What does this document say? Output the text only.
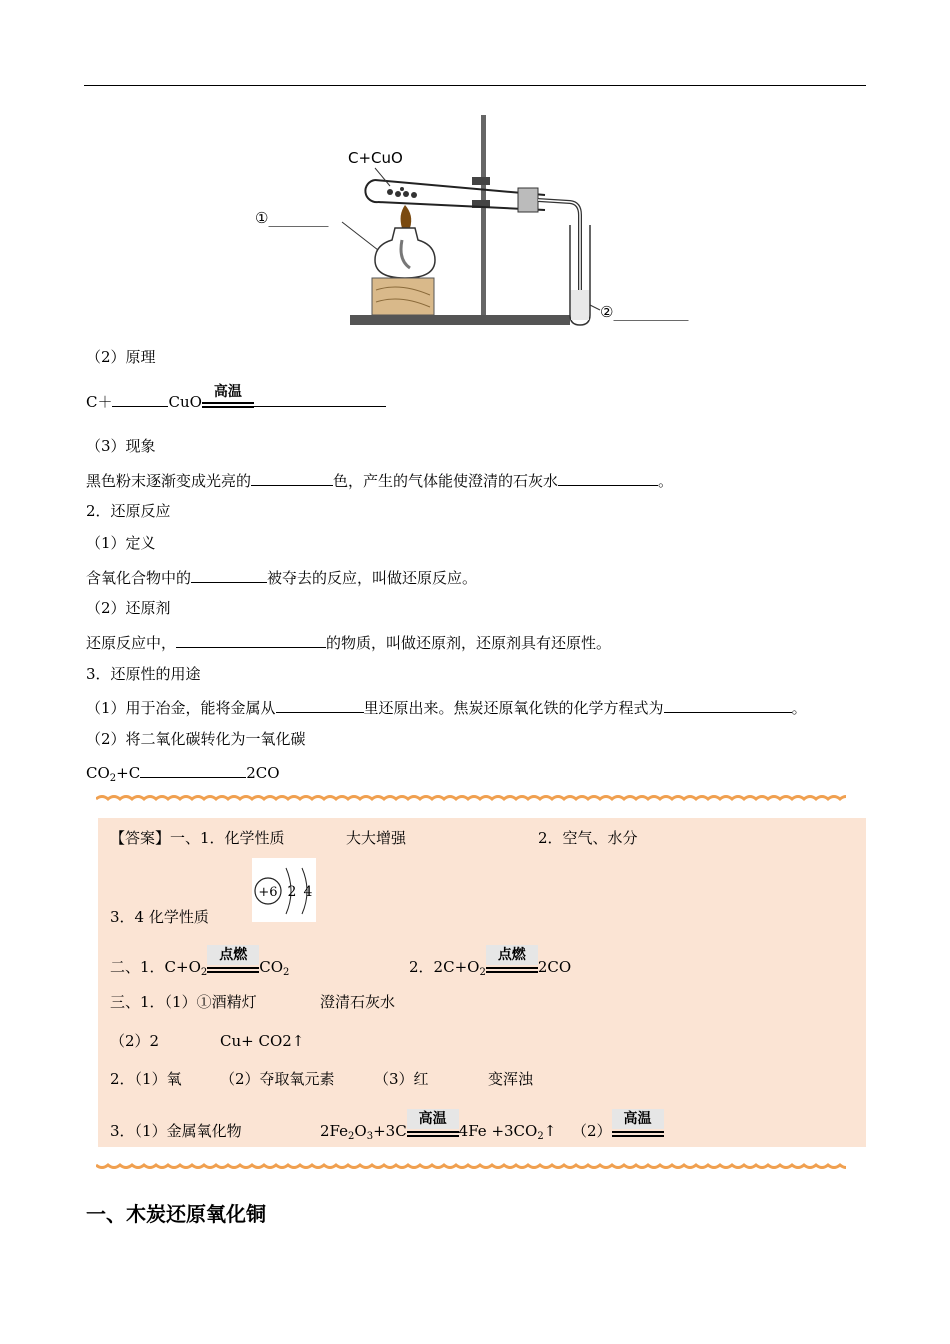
C+CuO
①________
②__________
（2）原理
C＋	CuO
高温
（3）现象
黑色粉末逐渐变成光亮的	色，产生的气体能使澄清的石灰水	。
2．还原反应
（1）定义
含氧化合物中的	被夺去的反应，叫做还原反应。
（2）还原剂
还原反应中，	的物质，叫做还原剂，还原剂具有还原性。
3．还原性的用途
（1）用于冶金，能将金属从	里还原出来。焦炭还原氧化铁的化学方程式为	。
（2）将二氧化碳转化为一氧化碳
$CO_2+C$	2CO
【答案】一、1．化学性质	大大增强	2．空气、水分
3．4 化学性质
+6 2 4
二、1．$C+O_2$
点燃
$CO_2$	2．$2C+O_2$
点燃
2CO
三、1．（1）①酒精灯	澄清石灰水
（2）2	Cu+ CO2↑
2．（1）氧	（2）夺取氧元素	（3）红	变浑浊
3．（1）金属氧化物	$2Fe_2O_3+3C$
高温
$4Fe +3CO_2↑$ （2）
高温
一、木炭还原氧化铜
